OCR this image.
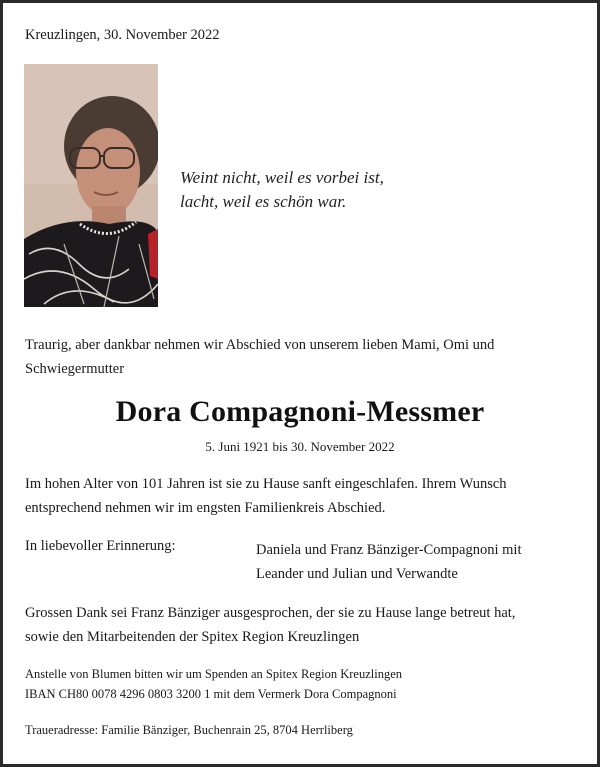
Kreuzlingen, 30. November 2022

Weint nicht, weil es vorbei ist,
lacht, weil es schön war.

Traurig, aber dankbar nehmen wir Abschied von unserem lieben Mami, Omi und
Schwiegermutter

Dora Compagnoni-Messmer

5. Juni 1921 bis 30. November 2022

Im hohen Alter von 101 Jahren ist sie zu Hause sanft eingeschlafen. Ihrem Wunsch
entsprechend nehmen wir im engsten Familienkreis Abschied.

In liebevoller Erinnerung:	Daniela und Franz Bänziger-Compagnoni mit
Leander und Julian und Verwandte

Grossen Dank sei Franz Bänziger ausgesprochen, der sie zu Hause lange betreut hat,
sowie den Mitarbeitenden der Spitex Region Kreuzlingen

Anstelle von Blumen bitten wir um Spenden an Spitex Region Kreuzlingen
IBAN CH80 0078 4296 0803 3200 1 mit dem Vermerk Dora Compagnoni

Traueradresse: Familie Bänziger, Buchenrain 25, 8704 Herrliberg
